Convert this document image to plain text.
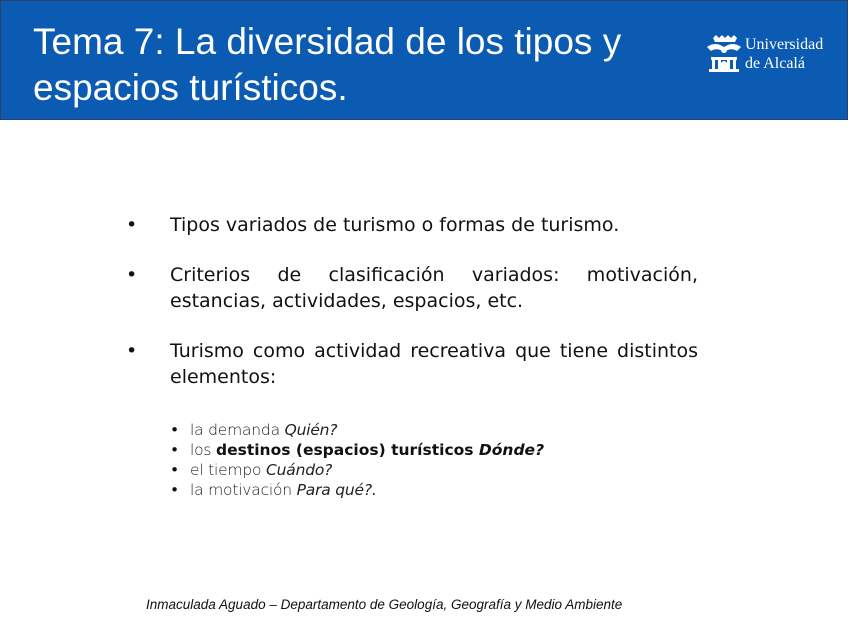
Tema 7: La diversidad de los tipos y
espacios turísticos.
Universidad
de Alcalá
• Tipos variados de turismo o formas de turismo.
• Criterios de clasificación variados: motivación, estancias, actividades, espacios, etc.
• Turismo como actividad recreativa que tiene distintos elementos:
• la demanda Quién?
• los destinos (espacios) turísticos Dónde?
• el tiempo Cuándo?
• la motivación Para qué?.
Inmaculada Aguado – Departamento de Geología, Geografía y Medio Ambiente
